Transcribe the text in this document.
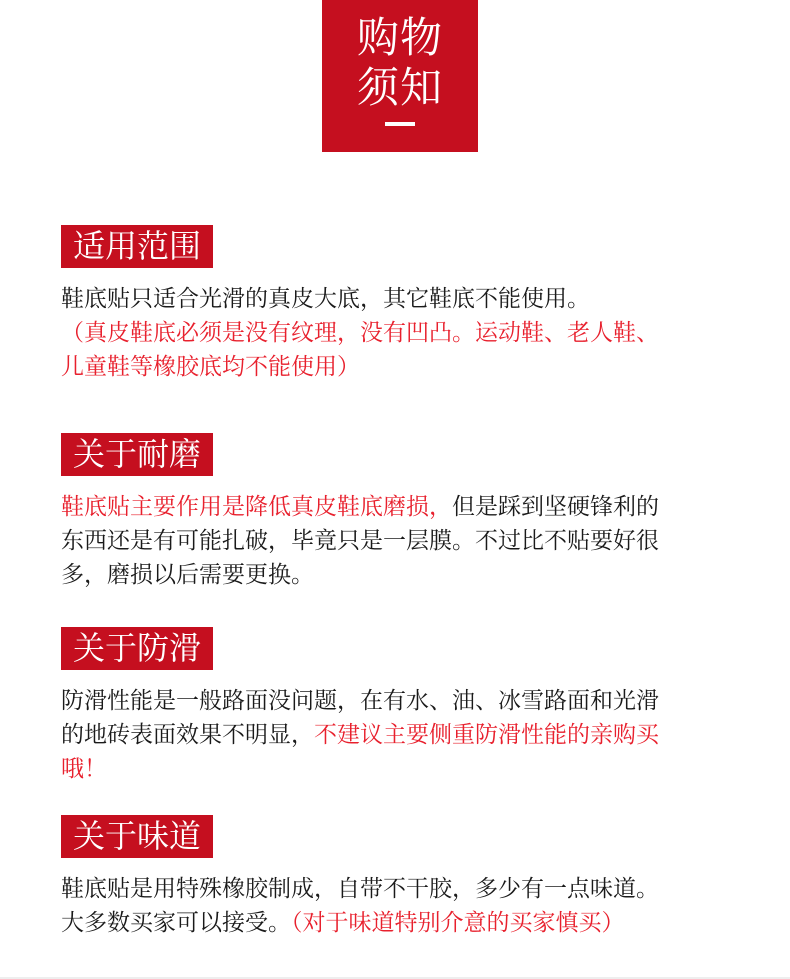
购物
须知
适用范围

鞋底贴只适合光滑的真皮大底，其它鞋底不能使用。

（真皮鞋底必须是没有纹理，没有凹凸。运动鞋、老人鞋、

儿童鞋等橡胶底均不能使用）

关于耐磨

鞋底贴主要作用是降低真皮鞋底磨损，但是踩到坚硬锋利的

东西还是有可能扎破，毕竟只是一层膜。不过比不贴要好很

多，磨损以后需要更换。

关于防滑

防滑性能是一般路面没问题，在有水、油、冰雪路面和光滑

的地砖表面效果不明显，不建议主要侧重防滑性能的亲购买

哦！

关于味道

鞋底贴是用特殊橡胶制成，自带不干胶，多少有一点味道。

大多数买家可以接受。（对于味道特别介意的买家慎买）
